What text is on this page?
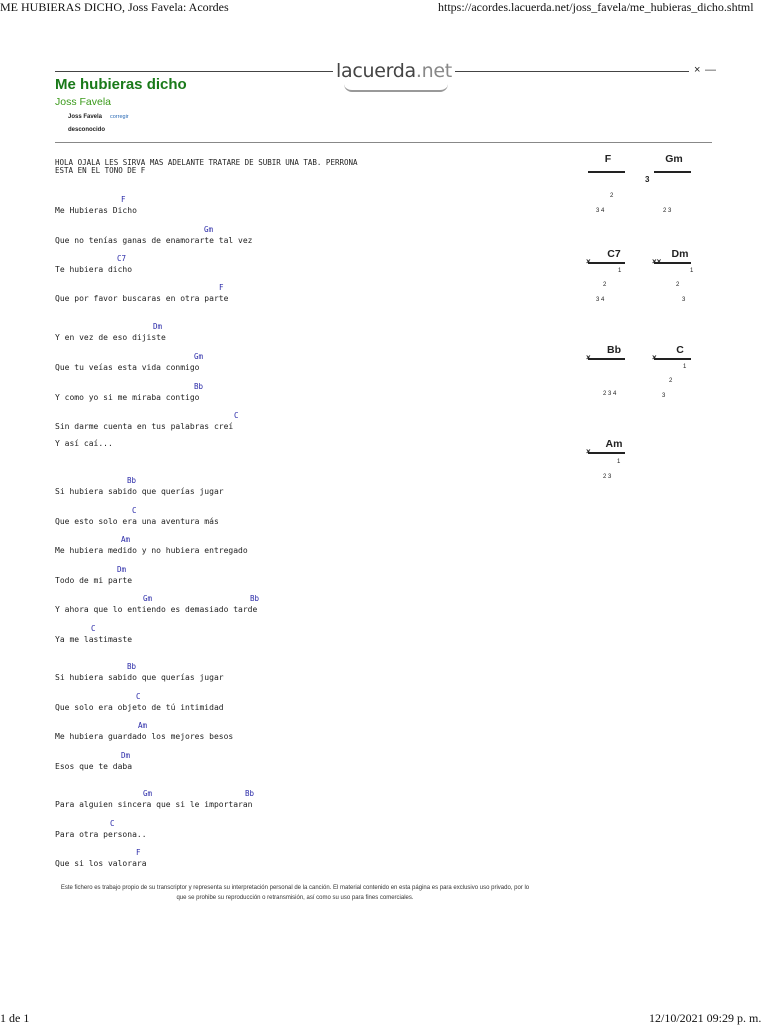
ME HUBIERAS DICHO, Joss Favela: Acordes	https://acordes.lacuerda.net/joss_favela/me_hubieras_dicho.shtml
lacuerda.net	× —
Me hubieras dicho
Joss Favela
Joss Favela corregir
desconocido
HOLA OJALA LES SIRVA MAS ADELANTE TRATARE DE SUBIR UNA TAB. PERRONA
ESTA EN EL TONO DE F
F
Me Hubieras Dicho
Gm
Que no tenías ganas de enamorarte tal vez
C7
Te hubiera dicho
F
Que por favor buscaras en otra parte
Dm
Y en vez de eso dijiste
Gm
Que tu veías esta vida conmigo
Bb
Y como yo si me miraba contigo
C
Sin darme cuenta en tus palabras creí
Y así caí...
Bb
Si hubiera sabido que querías jugar
C
Que esto solo era una aventura más
Am
Me hubiera medido y no hubiera entregado
Dm
Todo de mi parte
Gm	Bb
Y ahora que lo entiendo es demasiado tarde
C
Ya me lastimaste
Bb
Si hubiera sabido que querías jugar
C
Que solo era objeto de tú intimidad
Am
Me hubiera guardado los mejores besos
Dm
Esos que te daba
Gm	Bb
Para alguien sincera que si le importaran
C
Para otra persona..
F
Que si los valorara
F
2
3 4
Gm
3
2 3
C7
×
1
2
3 4
Dm
××
1
2
3
Bb
×
2 3 4
C
×
1
2
3
Am
×
1
2 3
Este fichero es trabajo propio de su transcriptor y representa su interpretación personal de la canción. El material contenido en esta página es para exclusivo uso privado, por lo que se prohibe su reproducción o retransmisión, así como su uso para fines comerciales.
1 de 1	12/10/2021 09:29 p. m.
